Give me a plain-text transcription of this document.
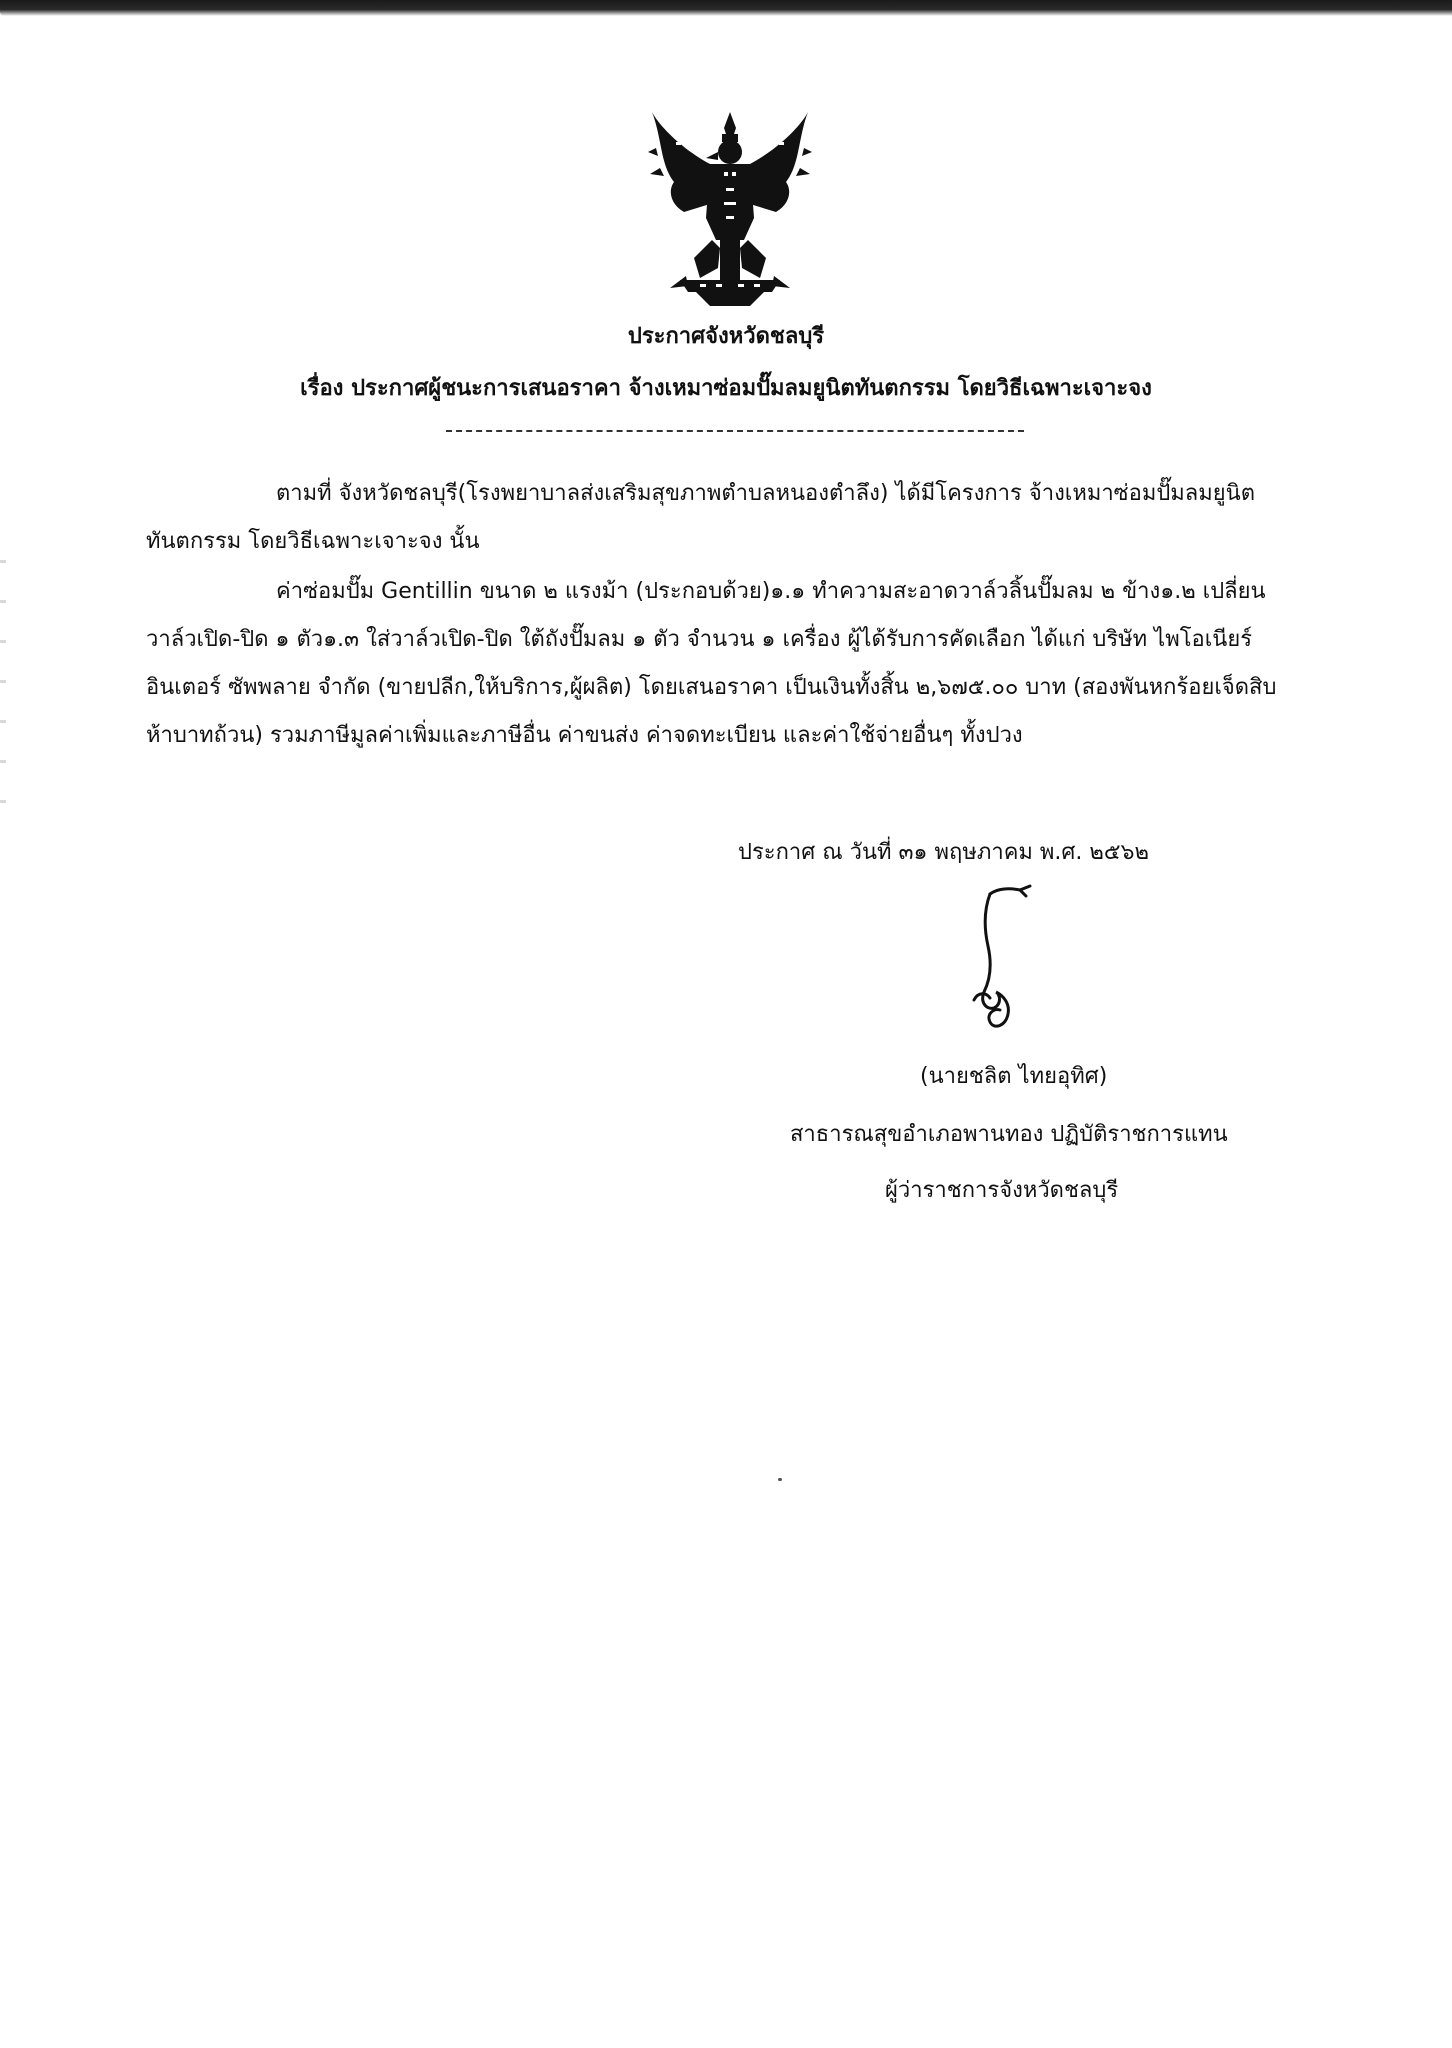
ประกาศจังหวัดชลบุรี
เรื่อง ประกาศผู้ชนะการเสนอราคา จ้างเหมาซ่อมปั๊มลมยูนิตทันตกรรม โดยวิธีเฉพาะเจาะจง
ตามที่ จังหวัดชลบุรี(โรงพยาบาลส่งเสริมสุขภาพตำบลหนองตำลึง) ได้มีโครงการ จ้างเหมาซ่อมปั๊มลมยูนิตทันตกรรม โดยวิธีเฉพาะเจาะจง นั้น
ค่าซ่อมปั๊ม Gentillin ขนาด ๒ แรงม้า (ประกอบด้วย)๑.๑ ทำความสะอาดวาล์วลิ้นปั๊มลม ๒ ข้าง๑.๒ เปลี่ยนวาล์วเปิด-ปิด ๑ ตัว๑.๓ ใส่วาล์วเปิด-ปิด ใต้ถังปั๊มลม ๑ ตัว จำนวน ๑ เครื่อง ผู้ได้รับการคัดเลือก ได้แก่ บริษัท ไพโอเนียร์ อินเตอร์ ซัพพลาย จำกัด (ขายปลีก,ให้บริการ,ผู้ผลิต) โดยเสนอราคา เป็นเงินทั้งสิ้น ๒,๖๗๕.๐๐ บาท (สองพันหกร้อยเจ็ดสิบห้าบาทถ้วน) รวมภาษีมูลค่าเพิ่มและภาษีอื่น ค่าขนส่ง ค่าจดทะเบียน และค่าใช้จ่ายอื่นๆ ทั้งปวง
ประกาศ ณ วันที่ ๓๑ พฤษภาคม พ.ศ. ๒๕๖๒
(นายชลิต ไทยอุทิศ)
สาธารณสุขอำเภอพานทอง ปฏิบัติราชการแทน
ผู้ว่าราชการจังหวัดชลบุรี
